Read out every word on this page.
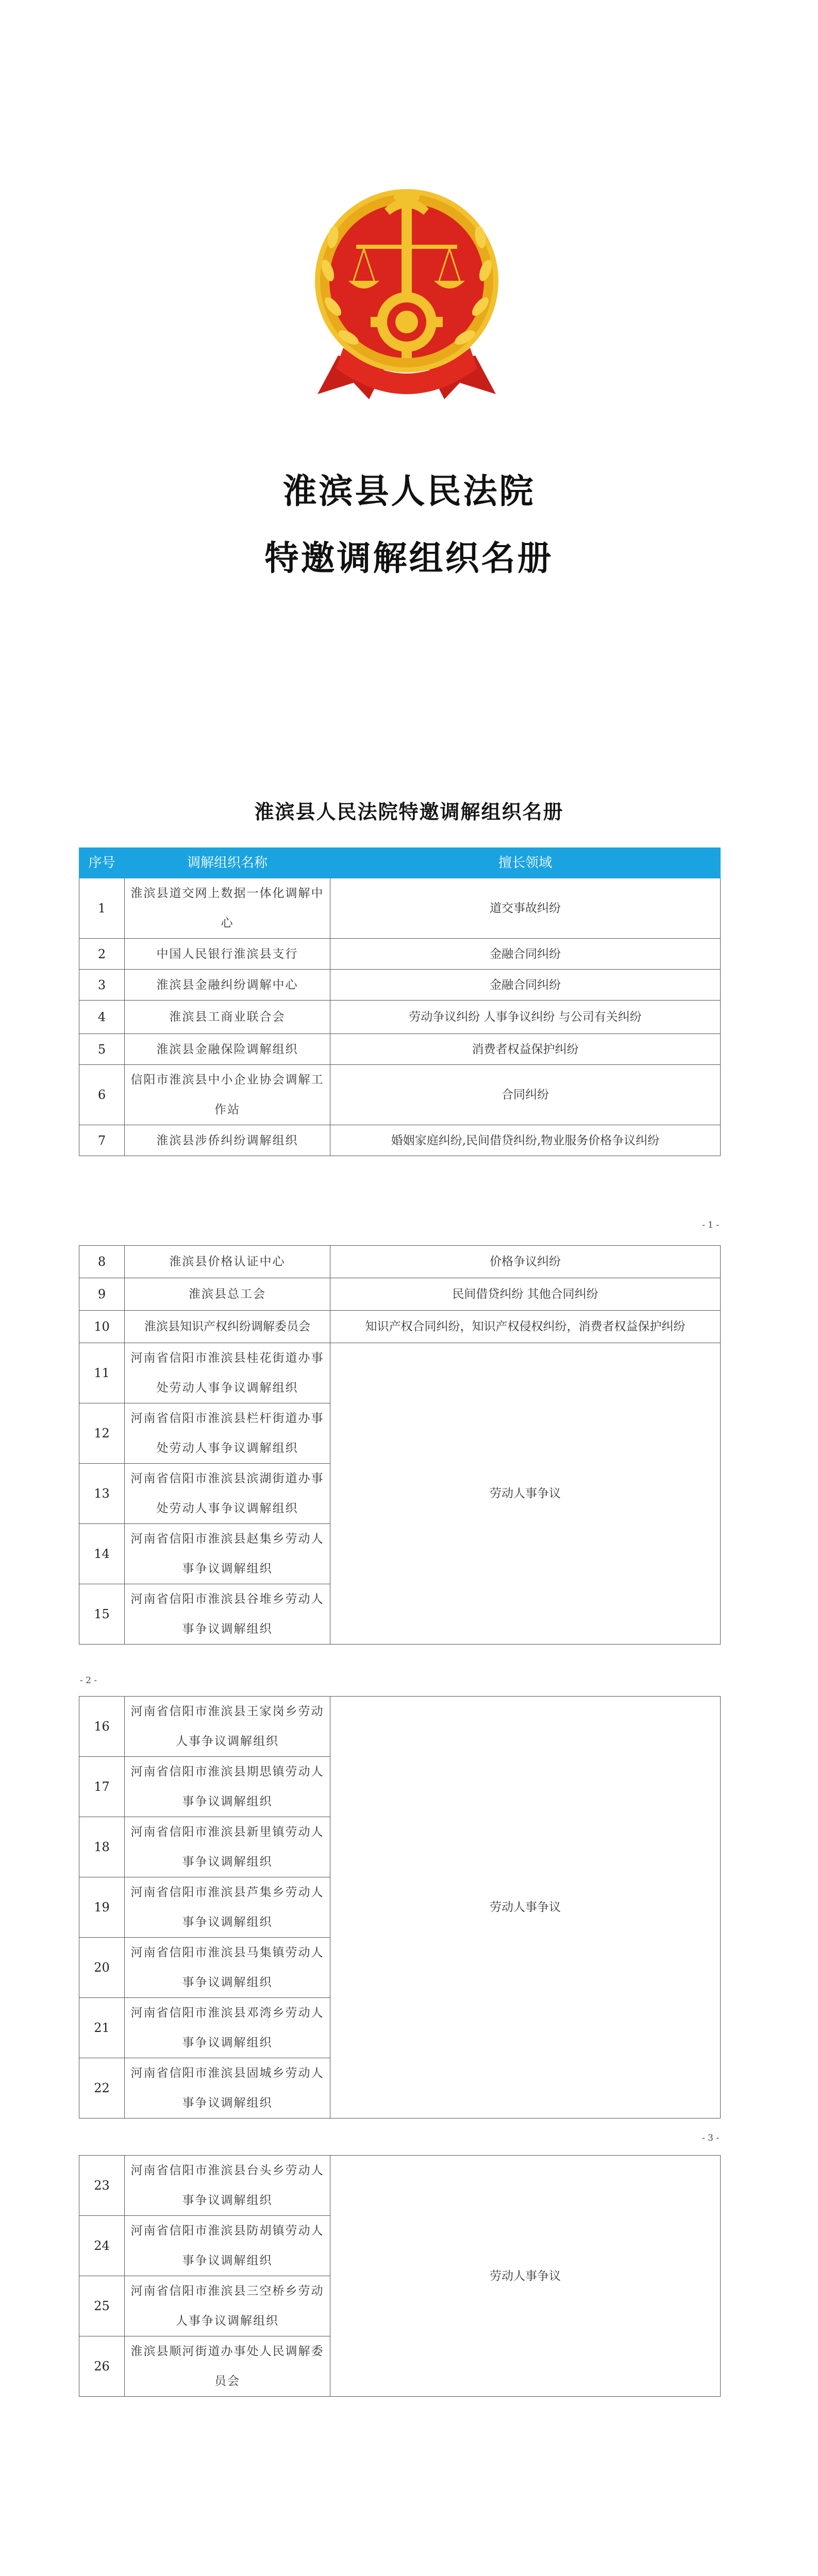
淮滨县人民法院
特邀调解组织名册
淮滨县人民法院特邀调解组织名册
序号	调解组织名称	擅长领域
1	淮滨县道交网上数据一体化调解中心	道交事故纠纷
2	中国人民银行淮滨县支行	金融合同纠纷
3	淮滨县金融纠纷调解中心	金融合同纠纷
4	淮滨县工商业联合会	劳动争议纠纷 人事争议纠纷 与公司有关纠纷
5	淮滨县金融保险调解组织	消费者权益保护纠纷
6	信阳市淮滨县中小企业协会调解工作站	合同纠纷
7	淮滨县涉侨纠纷调解组织	婚姻家庭纠纷,民间借贷纠纷,物业服务价格争议纠纷
- 1 -
8	淮滨县价格认证中心	价格争议纠纷
9	淮滨县总工会	民间借贷纠纷 其他合同纠纷
10	淮滨县知识产权纠纷调解委员会	知识产权合同纠纷，知识产权侵权纠纷，消费者权益保护纠纷
11	河南省信阳市淮滨县桂花街道办事处劳动人事争议调解组织	劳动人事争议
12	河南省信阳市淮滨县栏杆街道办事处劳动人事争议调解组织	
13	河南省信阳市淮滨县滨湖街道办事处劳动人事争议调解组织	
14	河南省信阳市淮滨县赵集乡劳动人事争议调解组织	
15	河南省信阳市淮滨县谷堆乡劳动人事争议调解组织	
- 2 -
16	河南省信阳市淮滨县王家岗乡劳动人事争议调解组织	劳动人事争议
17	河南省信阳市淮滨县期思镇劳动人事争议调解组织	
18	河南省信阳市淮滨县新里镇劳动人事争议调解组织	
19	河南省信阳市淮滨县芦集乡劳动人事争议调解组织	
20	河南省信阳市淮滨县马集镇劳动人事争议调解组织	
21	河南省信阳市淮滨县邓湾乡劳动人事争议调解组织	
22	河南省信阳市淮滨县固城乡劳动人事争议调解组织	
- 3 -
23	河南省信阳市淮滨县台头乡劳动人事争议调解组织	劳动人事争议
24	河南省信阳市淮滨县防胡镇劳动人事争议调解组织	
25	河南省信阳市淮滨县三空桥乡劳动人事争议调解组织	
26	淮滨县顺河街道办事处人民调解委员会	
